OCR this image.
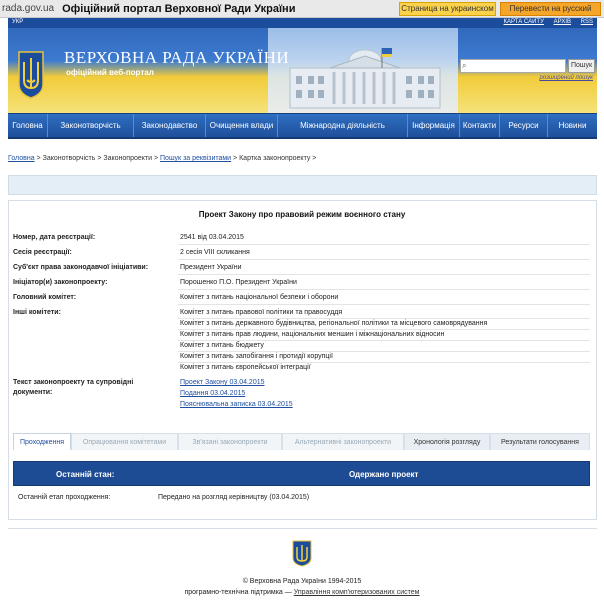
rada.gov.ua Офіційний портал Верховної Ради України	Страница на украинском	Перевести на русский
УКР	КАРТА САЙТУ АРХІВ RSS
ВЕРХОВНА РАДА УКРАЇНИ
офіційний веб-портал
⌕	Пошук
розширений пошук
Головна	Законотворчість	Законодавство	Очищення влади	Міжнародна діяльність	Інформація Контакти	Ресурси	Новини
Головна > Законотворчість > Законопроекти > Пошук за реквізитами > Картка законопроекту >
Проект Закону про правовий режим воєнного стану
Номер, дата реєстрації:	2541 від 03.04.2015
Сесія реєстрації:	2 сесія VIII скликання
Суб'єкт права законодавчої ініціативи:	Президент України
Ініціатор(и) законопроекту:	Порошенко П.О. Президент України
Головний комітет:	Комітет з питань національної безпеки і оборони
Інші комітети:	Комітет з питань правової політики та правосуддя
Комітет з питань державного будівництва, регіональної політики та місцевого самоврядування
Комітет з питань прав людини, національних меншин і міжнаціональних відносин
Комітет з питань бюджету
Комітет з питань запобігання і протидії корупції
Комітет з питань європейської інтеграції
Текст законопроекту та супровідні
документи:
Проект Закону 03.04.2015
Подання 03.04.2015
Пояснювальна записка 03.04.2015
Проходження	Опрацювання комітетами	Зв'язані законопроекти	Альтернативні законопроекти	Хронологія розгляду	Результати голосування
Останній стан:	Одержано проект
Останній етап проходження:	Передано на розгляд керівництву (03.04.2015)
© Верховна Рада України 1994-2015
програмно-технічна підтримка — Управління комп'ютеризованих систем
